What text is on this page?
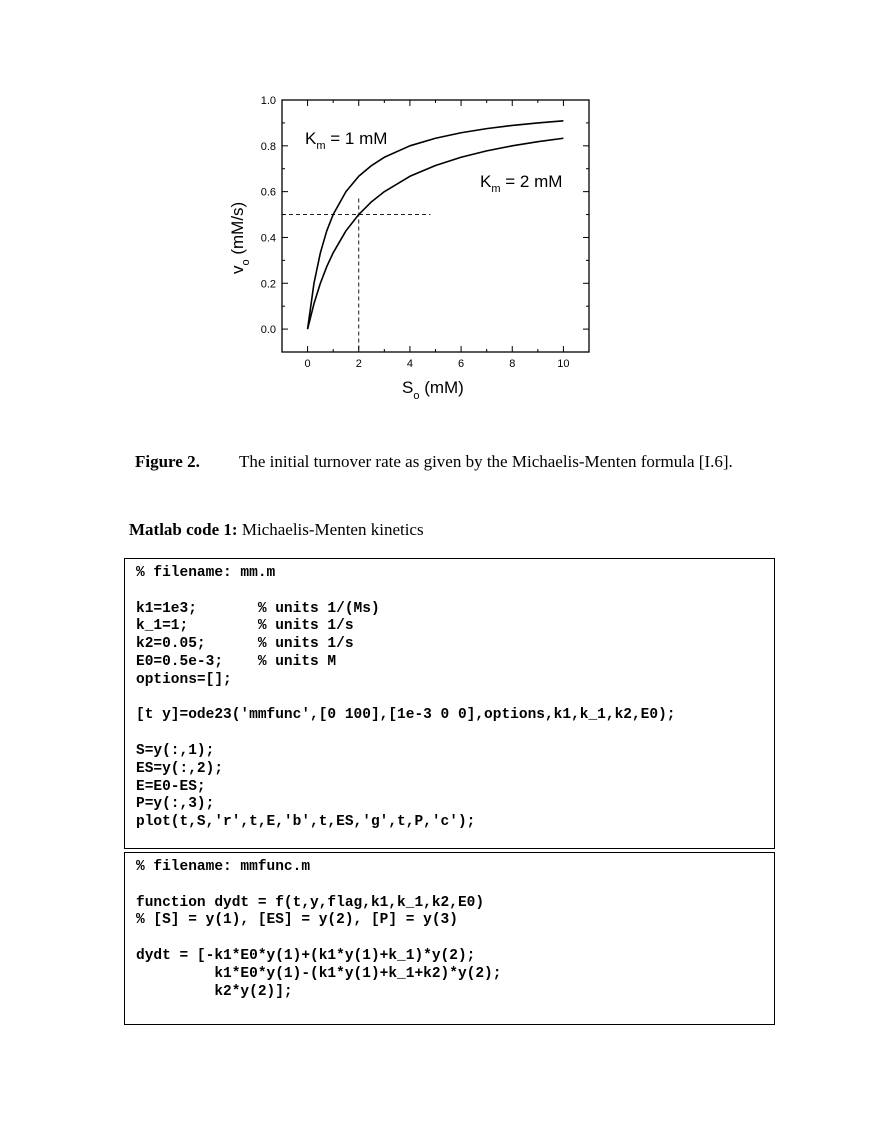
0	2	4	6	8	10
0.0
0.2
0.4
0.6
0.8
1.0
$K_m = 1$ mM
$K_m = 2$ mM
$S_o$ (mM)
$v_o$ (mM/s)
Figure 2. The initial turnover rate as given by the Michaelis-Menten formula [I.6].
Matlab code 1: Michaelis-Menten kinetics
% filename: mm.m

k1=1e3;       % units 1/(Ms)
k_1=1;        % units 1/s
k2=0.05;      % units 1/s
E0=0.5e-3;    % units M
options=[];

[t y]=ode23('mmfunc',[0 100],[1e-3 0 0],options,k1,k_1,k2,E0);

S=y(:,1);
ES=y(:,2);
E=E0-ES;
P=y(:,3);
plot(t,S,'r',t,E,'b',t,ES,'g',t,P,'c');
% filename: mmfunc.m

function dydt = f(t,y,flag,k1,k_1,k2,E0)
% [S] = y(1), [ES] = y(2), [P] = y(3)

dydt = [-k1*E0*y(1)+(k1*y(1)+k_1)*y(2);
k1*E0*y(1)-(k1*y(1)+k_1+k2)*y(2);
k2*y(2)];
